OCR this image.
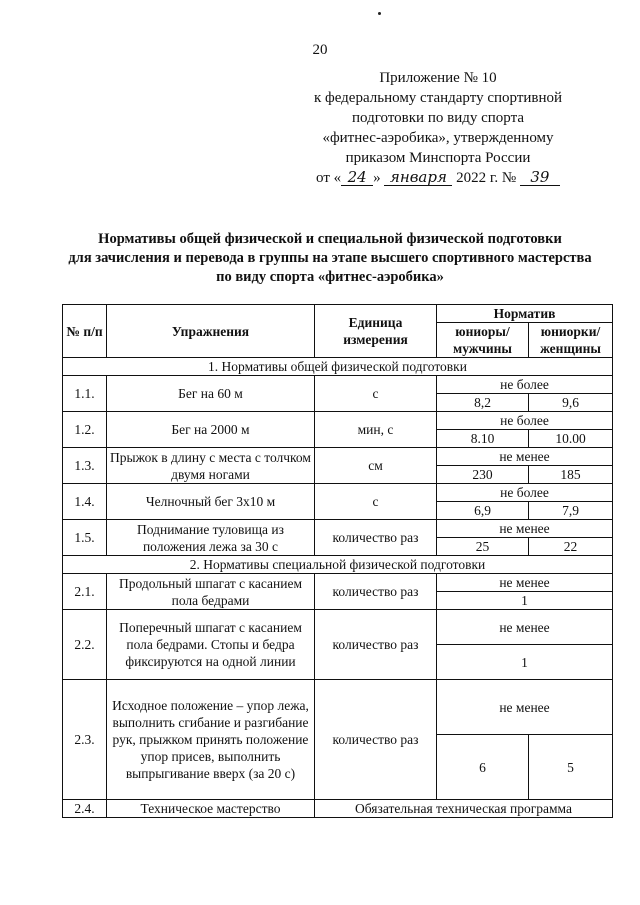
20
Приложение № 10
к федеральному стандарту спортивной
подготовки по виду спорта
«фитнес-аэробика», утвержденному
приказом Минспорта России
от « 24 » января 2022 г. № 39
Нормативы общей физической и специальной физической подготовки
для зачисления и перевода в группы на этапе высшего спортивного мастерства
по виду спорта «фитнес-аэробика»
№ п/п	Упражнения	Единица измерения	Норматив	
			юниоры/ мужчины	юниорки/ женщины
1. Нормативы общей физической подготовки				
1.1.	Бег на 60 м	с	не более	
			8,2	9,6
1.2.	Бег на 2000 м	мин, с	не более	
			8.10	10.00
1.3.	Прыжок в длину с места с толчком двумя ногами	см	не менее	
			230	185
1.4.	Челночный бег 3х10 м	с	не более	
			6,9	7,9
1.5.	Поднимание туловища из положения лежа за 30 с	количество раз	не менее	
			25	22
2. Нормативы специальной физической подготовки				
2.1.	Продольный шпагат с касанием пола бедрами	количество раз	не менее	
			1	
2.2.	Поперечный шпагат с касанием пола бедрами. Стопы и бедра фиксируются на одной линии	количество раз	не менее	
			1	
2.3.	Исходное положение – упор лежа, выполнить сгибание и разгибание рук, прыжком принять положение упор присев, выполнить выпрыгивание вверх (за 20 с)	количество раз	не менее	
			6	5
2.4.	Техническое мастерство	Обязательная техническая программа		
